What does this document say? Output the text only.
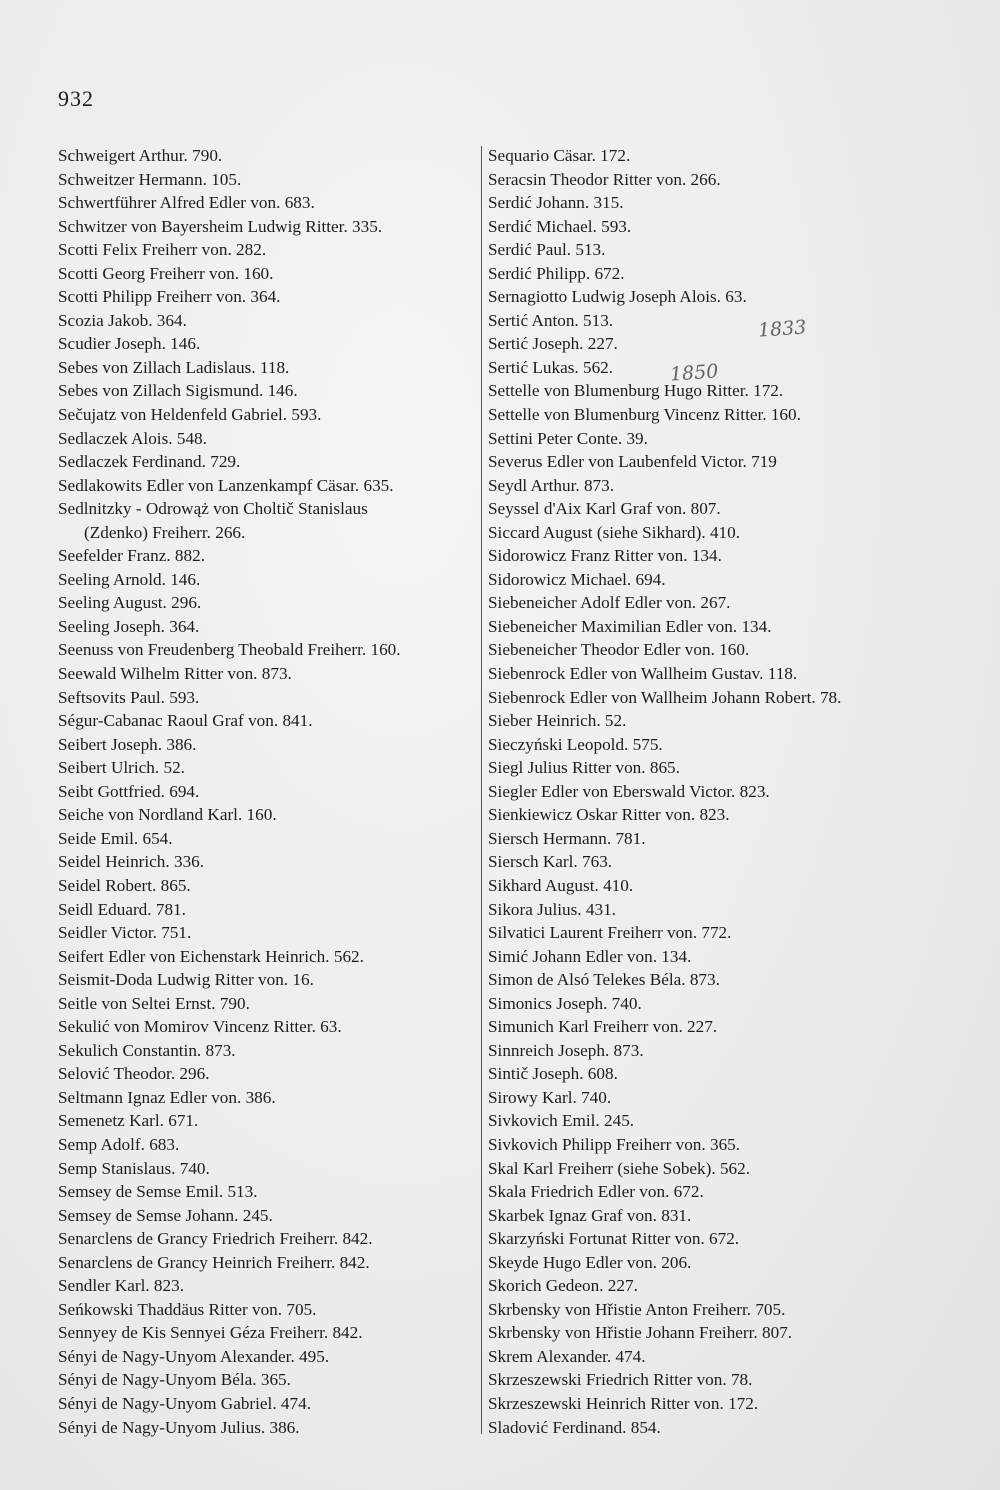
932
Schweigert Arthur. 790.
Schweitzer Hermann. 105.
Schwertführer Alfred Edler von. 683.
Schwitzer von Bayersheim Ludwig Ritter. 335.
Scotti Felix Freiherr von. 282.
Scotti Georg Freiherr von. 160.
Scotti Philipp Freiherr von. 364.
Scozia Jakob. 364.
Scudier Joseph. 146.
Sebes von Zillach Ladislaus. 118.
Sebes von Zillach Sigismund. 146.
Sečujatz von Heldenfeld Gabriel. 593.
Sedlaczek Alois. 548.
Sedlaczek Ferdinand. 729.
Sedlakowits Edler von Lanzenkampf Cäsar. 635.
Sedlnitzky - Odrowąż von Choltič Stanislaus
(Zdenko) Freiherr. 266.
Seefelder Franz. 882.
Seeling Arnold. 146.
Seeling August. 296.
Seeling Joseph. 364.
Seenuss von Freudenberg Theobald Freiherr. 160.
Seewald Wilhelm Ritter von. 873.
Seftsovits Paul. 593.
Ségur-Cabanac Raoul Graf von. 841.
Seibert Joseph. 386.
Seibert Ulrich. 52.
Seibt Gottfried. 694.
Seiche von Nordland Karl. 160.
Seide Emil. 654.
Seidel Heinrich. 336.
Seidel Robert. 865.
Seidl Eduard. 781.
Seidler Victor. 751.
Seifert Edler von Eichenstark Heinrich. 562.
Seismit-Doda Ludwig Ritter von. 16.
Seitle von Seltei Ernst. 790.
Sekulić von Momirov Vincenz Ritter. 63.
Sekulich Constantin. 873.
Selović Theodor. 296.
Seltmann Ignaz Edler von. 386.
Semenetz Karl. 671.
Semp Adolf. 683.
Semp Stanislaus. 740.
Semsey de Semse Emil. 513.
Semsey de Semse Johann. 245.
Senarclens de Grancy Friedrich Freiherr. 842.
Senarclens de Grancy Heinrich Freiherr. 842.
Sendler Karl. 823.
Seńkowski Thaddäus Ritter von. 705.
Sennyey de Kis Sennyei Géza Freiherr. 842.
Sényi de Nagy-Unyom Alexander. 495.
Sényi de Nagy-Unyom Béla. 365.
Sényi de Nagy-Unyom Gabriel. 474.
Sényi de Nagy-Unyom Julius. 386.
Sequario Cäsar. 172.
Seracsin Theodor Ritter von. 266.
Serdić Johann. 315.
Serdić Michael. 593.
Serdić Paul. 513.
Serdić Philipp. 672.
Sernagiotto Ludwig Joseph Alois. 63.
Sertić Anton. 513.
Sertić Joseph. 227.
Sertić Lukas. 562.
Settelle von Blumenburg Hugo Ritter. 172.
Settelle von Blumenburg Vincenz Ritter. 160.
Settini Peter Conte. 39.
Severus Edler von Laubenfeld Victor. 719
Seydl Arthur. 873.
Seyssel d'Aix Karl Graf von. 807.
Siccard August (siehe Sikhard). 410.
Sidorowicz Franz Ritter von. 134.
Sidorowicz Michael. 694.
Siebeneicher Adolf Edler von. 267.
Siebeneicher Maximilian Edler von. 134.
Siebeneicher Theodor Edler von. 160.
Siebenrock Edler von Wallheim Gustav. 118.
Siebenrock Edler von Wallheim Johann Robert. 78.
Sieber Heinrich. 52.
Sieczyński Leopold. 575.
Siegl Julius Ritter von. 865.
Siegler Edler von Eberswald Victor. 823.
Sienkiewicz Oskar Ritter von. 823.
Siersch Hermann. 781.
Siersch Karl. 763.
Sikhard August. 410.
Sikora Julius. 431.
Silvatici Laurent Freiherr von. 772.
Simić Johann Edler von. 134.
Simon de Alsó Telekes Béla. 873.
Simonics Joseph. 740.
Simunich Karl Freiherr von. 227.
Sinnreich Joseph. 873.
Sintič Joseph. 608.
Sirowy Karl. 740.
Sivkovich Emil. 245.
Sivkovich Philipp Freiherr von. 365.
Skal Karl Freiherr (siehe Sobek). 562.
Skala Friedrich Edler von. 672.
Skarbek Ignaz Graf von. 831.
Skarzyński Fortunat Ritter von. 672.
Skeyde Hugo Edler von. 206.
Skorich Gedeon. 227.
Skrbensky von Hřistie Anton Freiherr. 705.
Skrbensky von Hřistie Johann Freiherr. 807.
Skrem Alexander. 474.
Skrzeszewski Friedrich Ritter von. 78.
Skrzeszewski Heinrich Ritter von. 172.
Sladović Ferdinand. 854.
1833
1850
